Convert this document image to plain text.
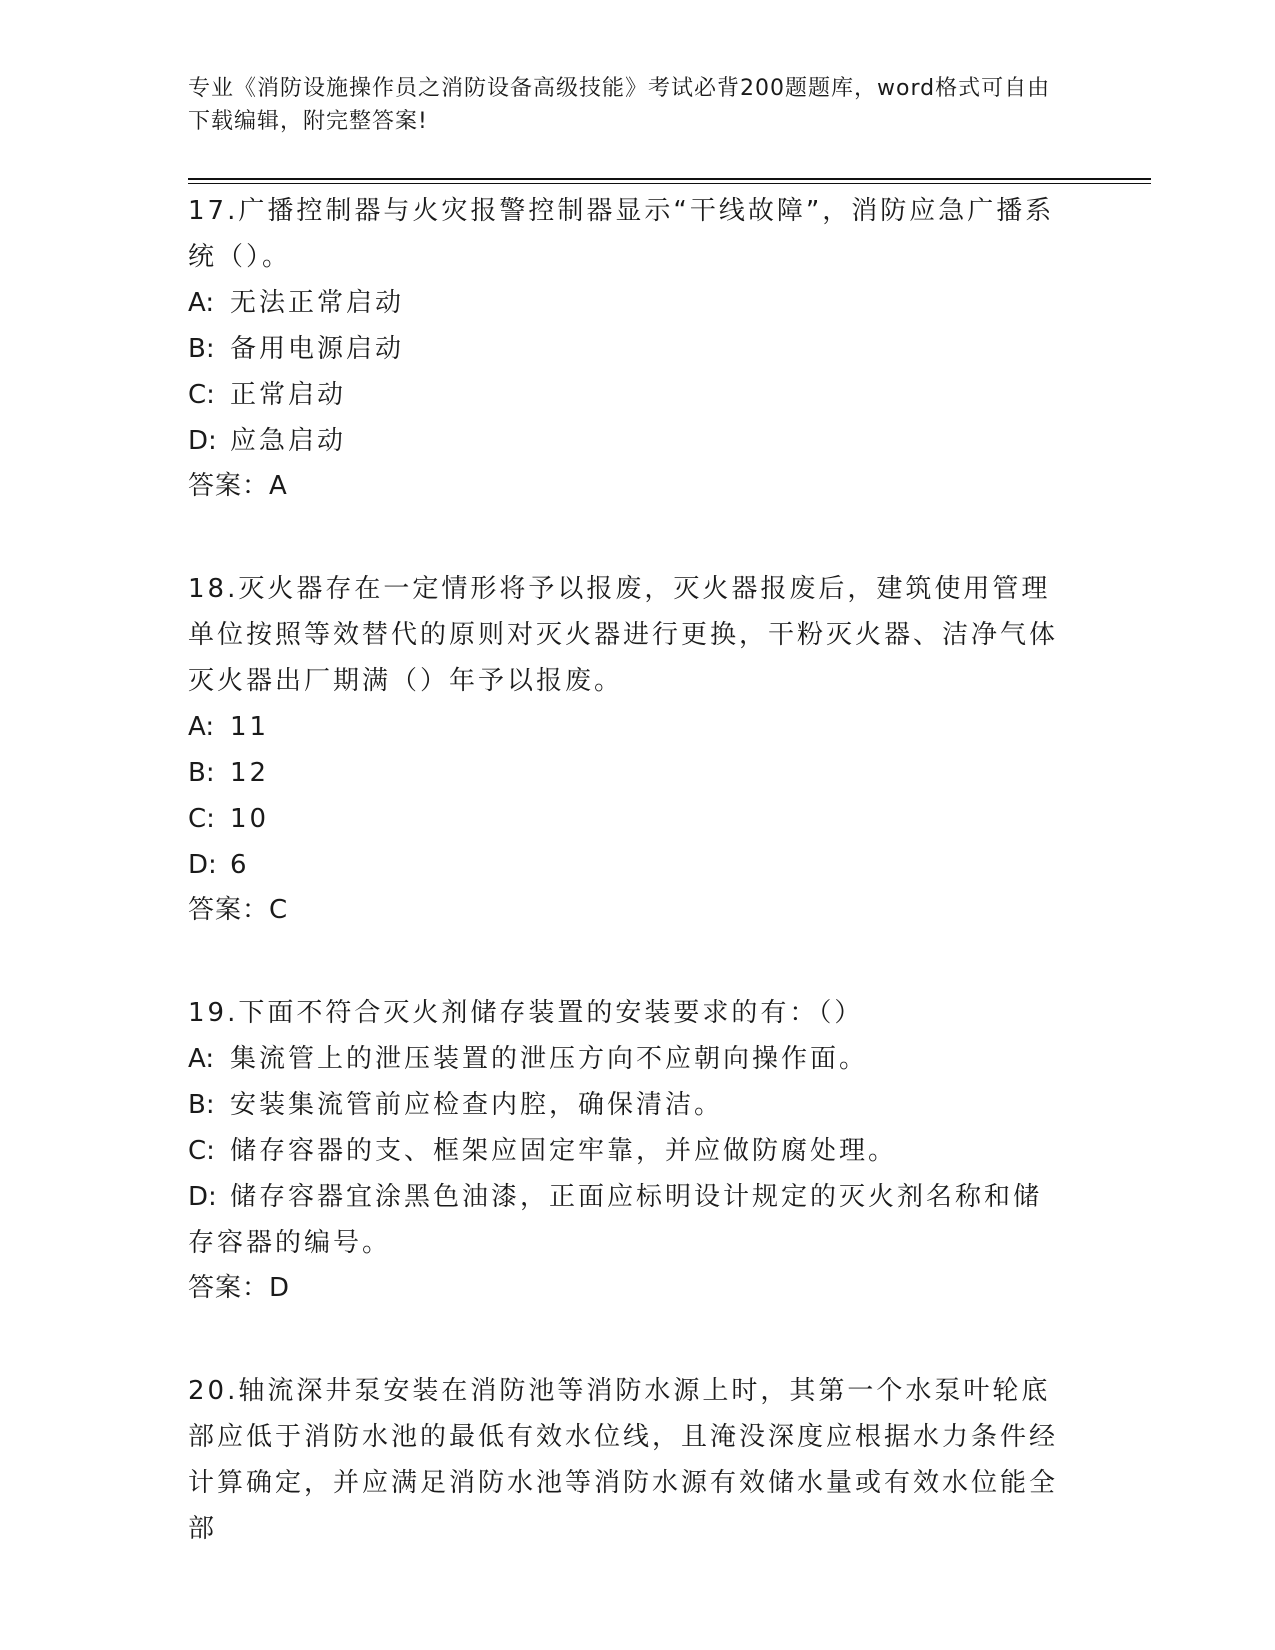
专业《消防设施操作员之消防设备高级技能》考试必背200题题库，word格式可自由下载编辑，附完整答案!

17.广播控制器与火灾报警控制器显示“干线故障”，消防应急广播系统（）。

A: 无法正常启动

B: 备用电源启动

C: 正常启动

D: 应急启动

答案：A

18.灭火器存在一定情形将予以报废，灭火器报废后，建筑使用管理单位按照等效替代的原则对灭火器进行更换，干粉灭火器、洁净气体灭火器出厂期满（）年予以报废。

A: 11

B: 12

C: 10

D: 6

答案：C

19.下面不符合灭火剂储存装置的安装要求的有：（）

A: 集流管上的泄压装置的泄压方向不应朝向操作面。

B: 安装集流管前应检查内腔，确保清洁。

C: 储存容器的支、框架应固定牢靠，并应做防腐处理。

D: 储存容器宜涂黑色油漆，正面应标明设计规定的灭火剂名称和储存容器的编号。

答案：D

20.轴流深井泵安装在消防池等消防水源上时，其第一个水泵叶轮底部应低于消防水池的最低有效水位线，且淹没深度应根据水力条件经计算确定，并应满足消防水池等消防水源有效储水量或有效水位能全部
